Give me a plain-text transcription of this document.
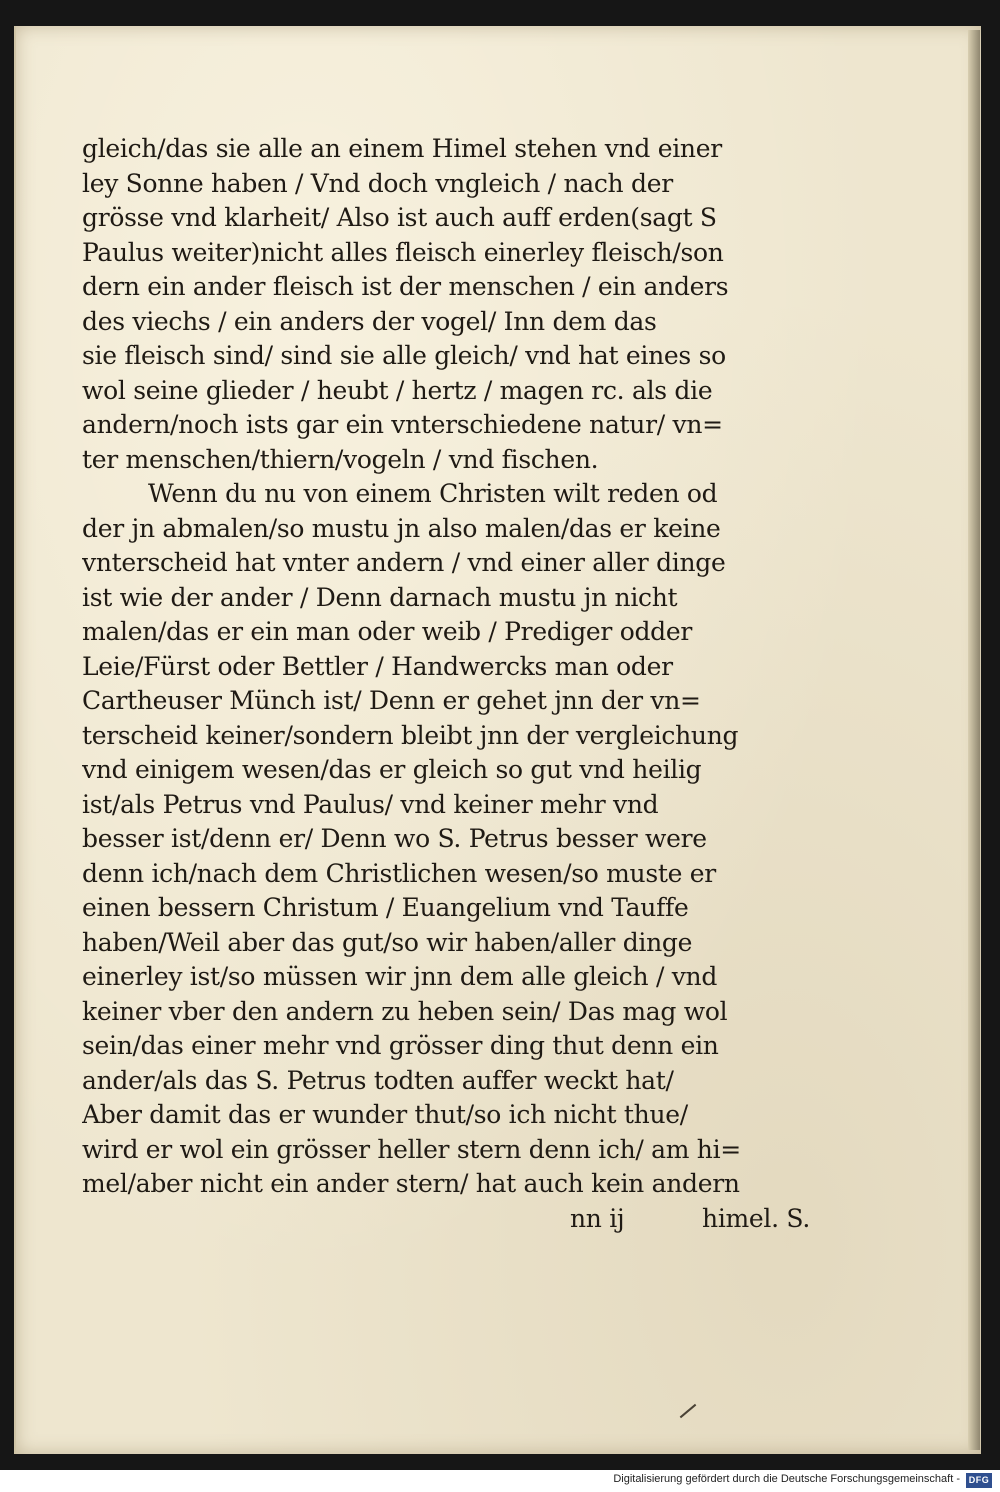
gleich/das sie alle an einem Himel stehen vnd einer
ley Sonne haben / Vnd doch vngleich / nach der
grösse vnd klarheit/ Also ist auch auff erden(sagt S
Paulus weiter)nicht alles fleisch einerley fleisch/son
dern ein ander fleisch ist der menschen / ein anders
des viechs / ein anders der vogel/ Inn dem das
sie fleisch sind/ sind sie alle gleich/ vnd hat eines so
wol seine glieder / heubt / hertz / magen rc. als die
andern/noch ists gar ein vnterschiedene natur/ vn=
ter menschen/thiern/vogeln / vnd fischen.
Wenn du nu von einem Christen wilt reden od
der jn abmalen/so mustu jn also malen/das er keine
vnterscheid hat vnter andern / vnd einer aller dinge
ist wie der ander / Denn darnach mustu jn nicht
malen/das er ein man oder weib / Prediger odder
Leie/Fürst oder Bettler / Handwercks man oder
Cartheuser Münch ist/ Denn er gehet jnn der vn=
terscheid keiner/sondern bleibt jnn der vergleichung
vnd einigem wesen/das er gleich so gut vnd heilig
ist/als Petrus vnd Paulus/ vnd keiner mehr vnd
besser ist/denn er/ Denn wo S. Petrus besser were
denn ich/nach dem Christlichen wesen/so muste er
einen bessern Christum / Euangelium vnd Tauffe
haben/Weil aber das gut/so wir haben/aller dinge
einerley ist/so müssen wir jnn dem alle gleich / vnd
keiner vber den andern zu heben sein/ Das mag wol
sein/das einer mehr vnd grösser ding thut denn ein
ander/als das S. Petrus todten auffer weckt hat/
Aber damit das er wunder thut/so ich nicht thue/
wird er wol ein grösser heller stern denn ich/ am hi=
mel/aber nicht ein ander stern/ hat auch kein andern
nn ij	himel. S.
Digitalisierung gefördert durch die Deutsche Forschungsgemeinschaft - DFG
